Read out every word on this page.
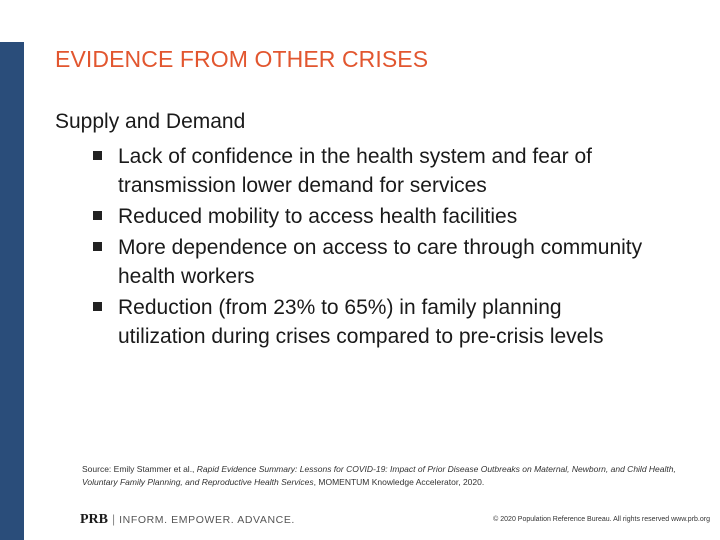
EVIDENCE FROM OTHER CRISES
Supply and Demand
Lack of confidence in the health system and fear of transmission lower demand for services
Reduced mobility to access health facilities
More dependence on access to care through community health workers
Reduction (from 23% to 65%) in family planning utilization during crises compared to pre-crisis levels
Source: Emily Stammer et al., Rapid Evidence Summary: Lessons for COVID-19: Impact of Prior Disease Outbreaks on Maternal, Newborn, and Child Health, Voluntary Family Planning, and Reproductive Health Services, MOMENTUM Knowledge Accelerator, 2020.
PRB | INFORM. EMPOWER. ADVANCE.	© 2020 Population Reference Bureau. All rights reserved www.prb.org
